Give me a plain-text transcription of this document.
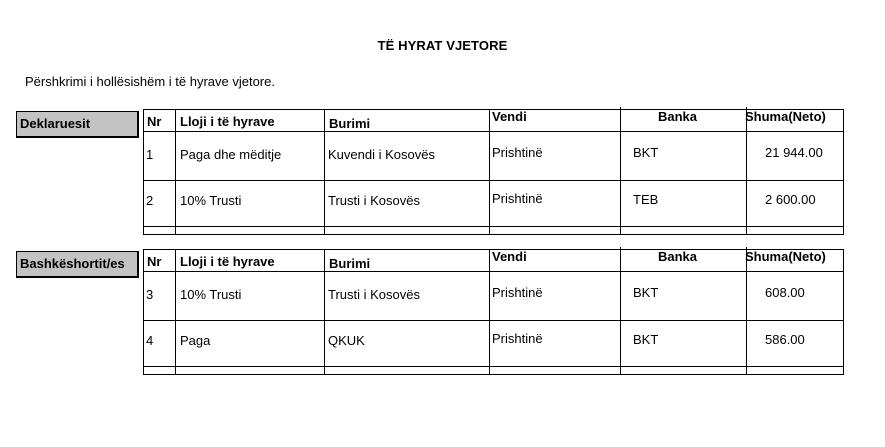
TË HYRAT VJETORE
Përshkrimi i hollësishëm i të hyrave vjetore.
Deklaruesit	Nr Lloji i të hyrave	Burimi	Vendi	Banka	Shuma(Neto)
1 Paga dhe mëditje	Kuvendi i Kosovës	Prishtinë	BKT	21 944.00
2 10% Trusti	Trusti i Kosovës	Prishtinë	TEB	2 600.00
Bashkëshortit/es	Nr Lloji i të hyrave	Burimi	Vendi	Banka	Shuma(Neto)
3 10% Trusti	Trusti i Kosovës	Prishtinë	BKT	608.00
4 Paga	QKUK	Prishtinë	BKT	586.00
